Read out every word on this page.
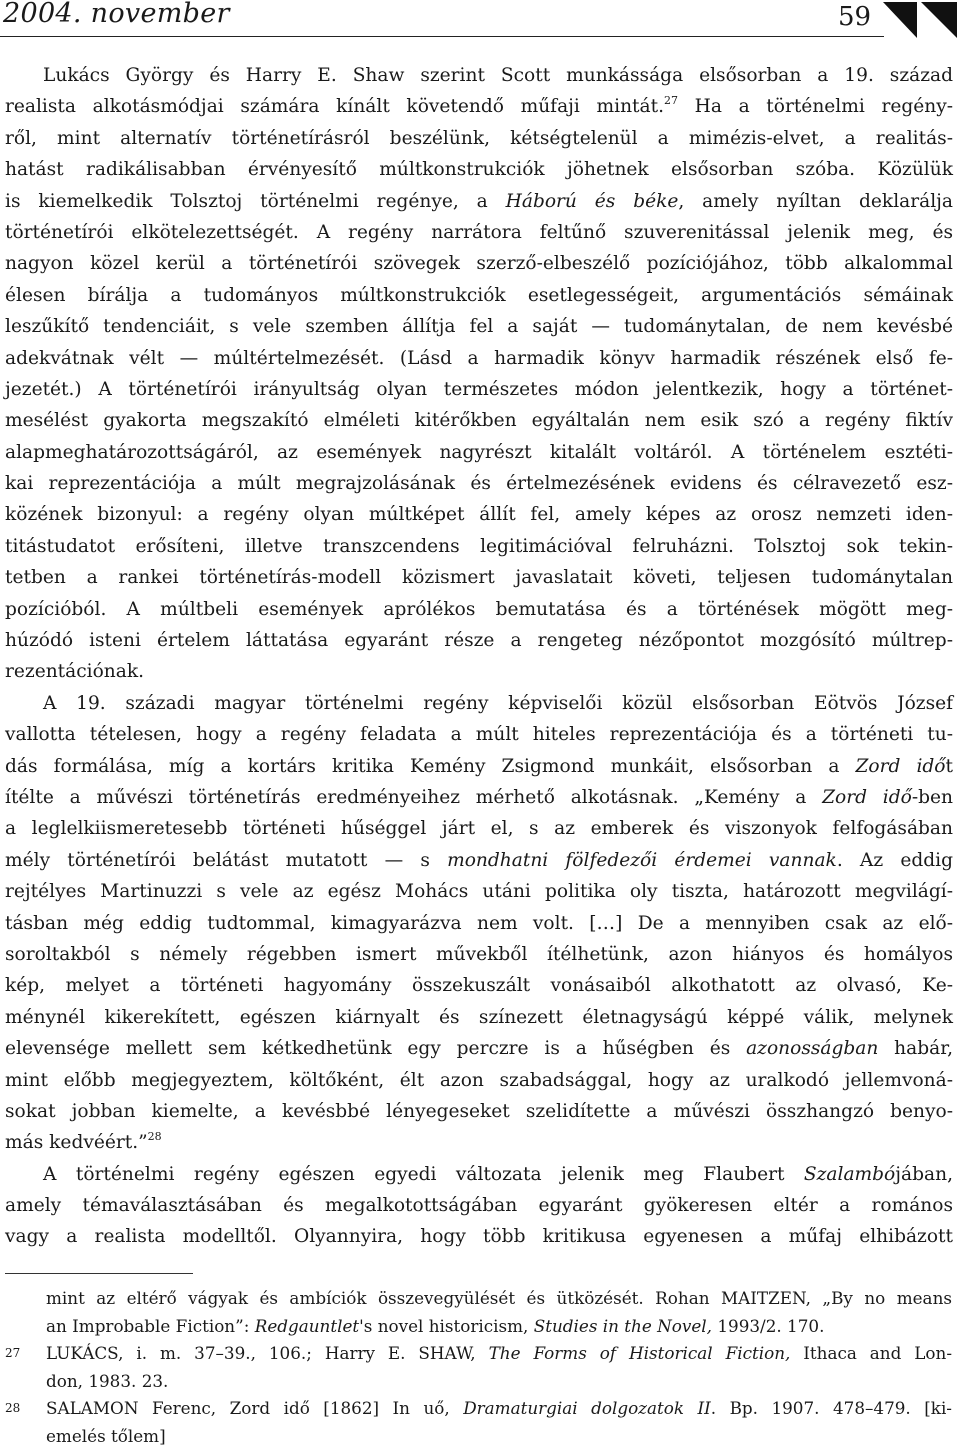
2004. november	59
Lukács György és Harry E. Shaw szerint Scott munkássága elsősorban a 19. század
realista alkotásmódjai számára kínált követendő műfaji mintát.$^{27}$ Ha a történelmi regény-
ről, mint alternatív történetírásról beszélünk, kétségtelenül a mimézis-elvet, a realitás-
hatást radikálisabban érvényesítő múltkonstrukciók jöhetnek elsősorban szóba. Közülük
is kiemelkedik Tolsztoj történelmi regénye, a Háború és béke, amely nyíltan deklarálja
történetírói elkötelezettségét. A regény narrátora feltűnő szuverenitással jelenik meg, és
nagyon közel kerül a történetírói szövegek szerző-elbeszélő pozíciójához, több alkalommal
élesen bírálja a tudományos múltkonstrukciók esetlegességeit, argumentációs sémáinak
leszűkítő tendenciáit, s vele szemben állítja fel a saját — tudománytalan, de nem kevésbé
adekvátnak vélt — múltértelmezését. (Lásd a harmadik könyv harmadik részének első fe-
jezetét.) A történetírói irányultság olyan természetes módon jelentkezik, hogy a történet-
mesélést gyakorta megszakító elméleti kitérőkben egyáltalán nem esik szó a regény fiktív
alapmeghatározottságáról, az események nagyrészt kitalált voltáról. A történelem esztéti-
kai reprezentációja a múlt megrajzolásának és értelmezésének evidens és célravezető esz-
közének bizonyul: a regény olyan múltképet állít fel, amely képes az orosz nemzeti iden-
titástudatot erősíteni, illetve transzcendens legitimációval felruházni. Tolsztoj sok tekin-
tetben a rankei történetírás-modell közismert javaslatait követi, teljesen tudománytalan
pozícióból. A múltbeli események aprólékos bemutatása és a történések mögött meg-
húzódó isteni értelem láttatása egyaránt része a rengeteg nézőpontot mozgósító múltrep-
rezentációnak.
A 19. századi magyar történelmi regény képviselői közül elsősorban Eötvös József
vallotta tételesen, hogy a regény feladata a múlt hiteles reprezentációja és a történeti tu-
dás formálása, míg a kortárs kritika Kemény Zsigmond munkáit, elsősorban a Zord időt
ítélte a művészi történetírás eredményeihez mérhető alkotásnak. „Kemény a Zord idő-ben
a leglelkiismeretesebb történeti hűséggel járt el, s az emberek és viszonyok felfogásában
mély történetírói belátást mutatott — s mondhatni fölfedezői érdemei vannak. Az eddig
rejtélyes Martinuzzi s vele az egész Mohács utáni politika oly tiszta, határozott megvilágí-
tásban még eddig tudtommal, kimagyarázva nem volt. […] De a mennyiben csak az elő-
soroltakból s némely régebben ismert művekből ítélhetünk, azon hiányos és homályos
kép, melyet a történeti hagyomány összekuszált vonásaiból alkothatott az olvasó, Ke-
ménynél kikerekített, egészen kiárnyalt és színezett életnagyságú képpé válik, melynek
elevensége mellett sem kétkedhetünk egy perczre is a hűségben és azonosságban habár,
mint előbb megjegyeztem, költőként, élt azon szabadsággal, hogy az uralkodó jellemvoná-
sokat jobban kiemelte, a kevésbbé lényegeseket szelidítette a művészi összhangzó benyo-
más kedvéért.”$^{28}$
A történelmi regény egészen egyedi változata jelenik meg Flaubert Szalambójában,
amely témaválasztásában és megalkotottságában egyaránt gyökeresen eltér a romános
vagy a realista modelltől. Olyannyira, hogy több kritikusa egyenesen a műfaj elhibázott
mint az eltérő vágyak és ambíciók összevegyülését és ütközését. Rohan MAITZEN, „By no means
an Improbable Fiction”: Redgauntlet's novel historicism, Studies in the Novel, 1993/2. 170.
27 LUKÁCS, i. m. 37–39., 106.; Harry E. SHAW, The Forms of Historical Fiction, Ithaca and Lon-
don, 1983. 23.
28 SALAMON Ferenc, Zord idő [1862] In uő, Dramaturgiai dolgozatok II. Bp. 1907. 478–479. [ki-
emelés tőlem]
